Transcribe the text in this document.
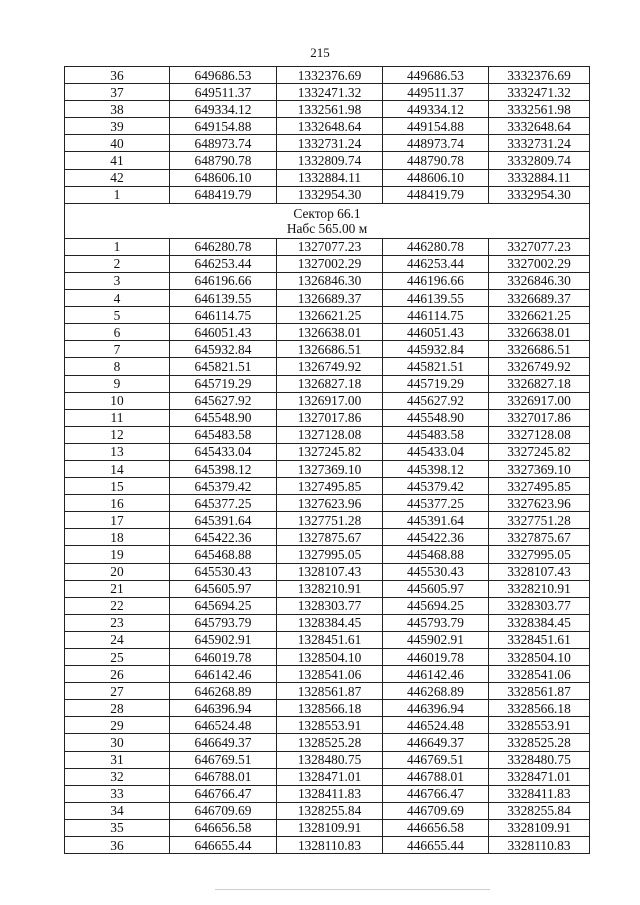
215
36	649686.53	1332376.69	449686.53	3332376.69
37	649511.37	1332471.32	449511.37	3332471.32
38	649334.12	1332561.98	449334.12	3332561.98
39	649154.88	1332648.64	449154.88	3332648.64
40	648973.74	1332731.24	448973.74	3332731.24
41	648790.78	1332809.74	448790.78	3332809.74
42	648606.10	1332884.11	448606.10	3332884.11
1	648419.79	1332954.30	448419.79	3332954.30

Сектор 66.1
Набс 565.00 м				

1	646280.78	1327077.23	446280.78	3327077.23
2	646253.44	1327002.29	446253.44	3327002.29
3	646196.66	1326846.30	446196.66	3326846.30
4	646139.55	1326689.37	446139.55	3326689.37
5	646114.75	1326621.25	446114.75	3326621.25
6	646051.43	1326638.01	446051.43	3326638.01
7	645932.84	1326686.51	445932.84	3326686.51
8	645821.51	1326749.92	445821.51	3326749.92
9	645719.29	1326827.18	445719.29	3326827.18
10	645627.92	1326917.00	445627.92	3326917.00
11	645548.90	1327017.86	445548.90	3327017.86
12	645483.58	1327128.08	445483.58	3327128.08
13	645433.04	1327245.82	445433.04	3327245.82
14	645398.12	1327369.10	445398.12	3327369.10
15	645379.42	1327495.85	445379.42	3327495.85
16	645377.25	1327623.96	445377.25	3327623.96
17	645391.64	1327751.28	445391.64	3327751.28
18	645422.36	1327875.67	445422.36	3327875.67
19	645468.88	1327995.05	445468.88	3327995.05
20	645530.43	1328107.43	445530.43	3328107.43
21	645605.97	1328210.91	445605.97	3328210.91
22	645694.25	1328303.77	445694.25	3328303.77
23	645793.79	1328384.45	445793.79	3328384.45
24	645902.91	1328451.61	445902.91	3328451.61
25	646019.78	1328504.10	446019.78	3328504.10
26	646142.46	1328541.06	446142.46	3328541.06
27	646268.89	1328561.87	446268.89	3328561.87
28	646396.94	1328566.18	446396.94	3328566.18
29	646524.48	1328553.91	446524.48	3328553.91
30	646649.37	1328525.28	446649.37	3328525.28
31	646769.51	1328480.75	446769.51	3328480.75
32	646788.01	1328471.01	446788.01	3328471.01
33	646766.47	1328411.83	446766.47	3328411.83
34	646709.69	1328255.84	446709.69	3328255.84
35	646656.58	1328109.91	446656.58	3328109.91
36	646655.44	1328110.83	446655.44	3328110.83
